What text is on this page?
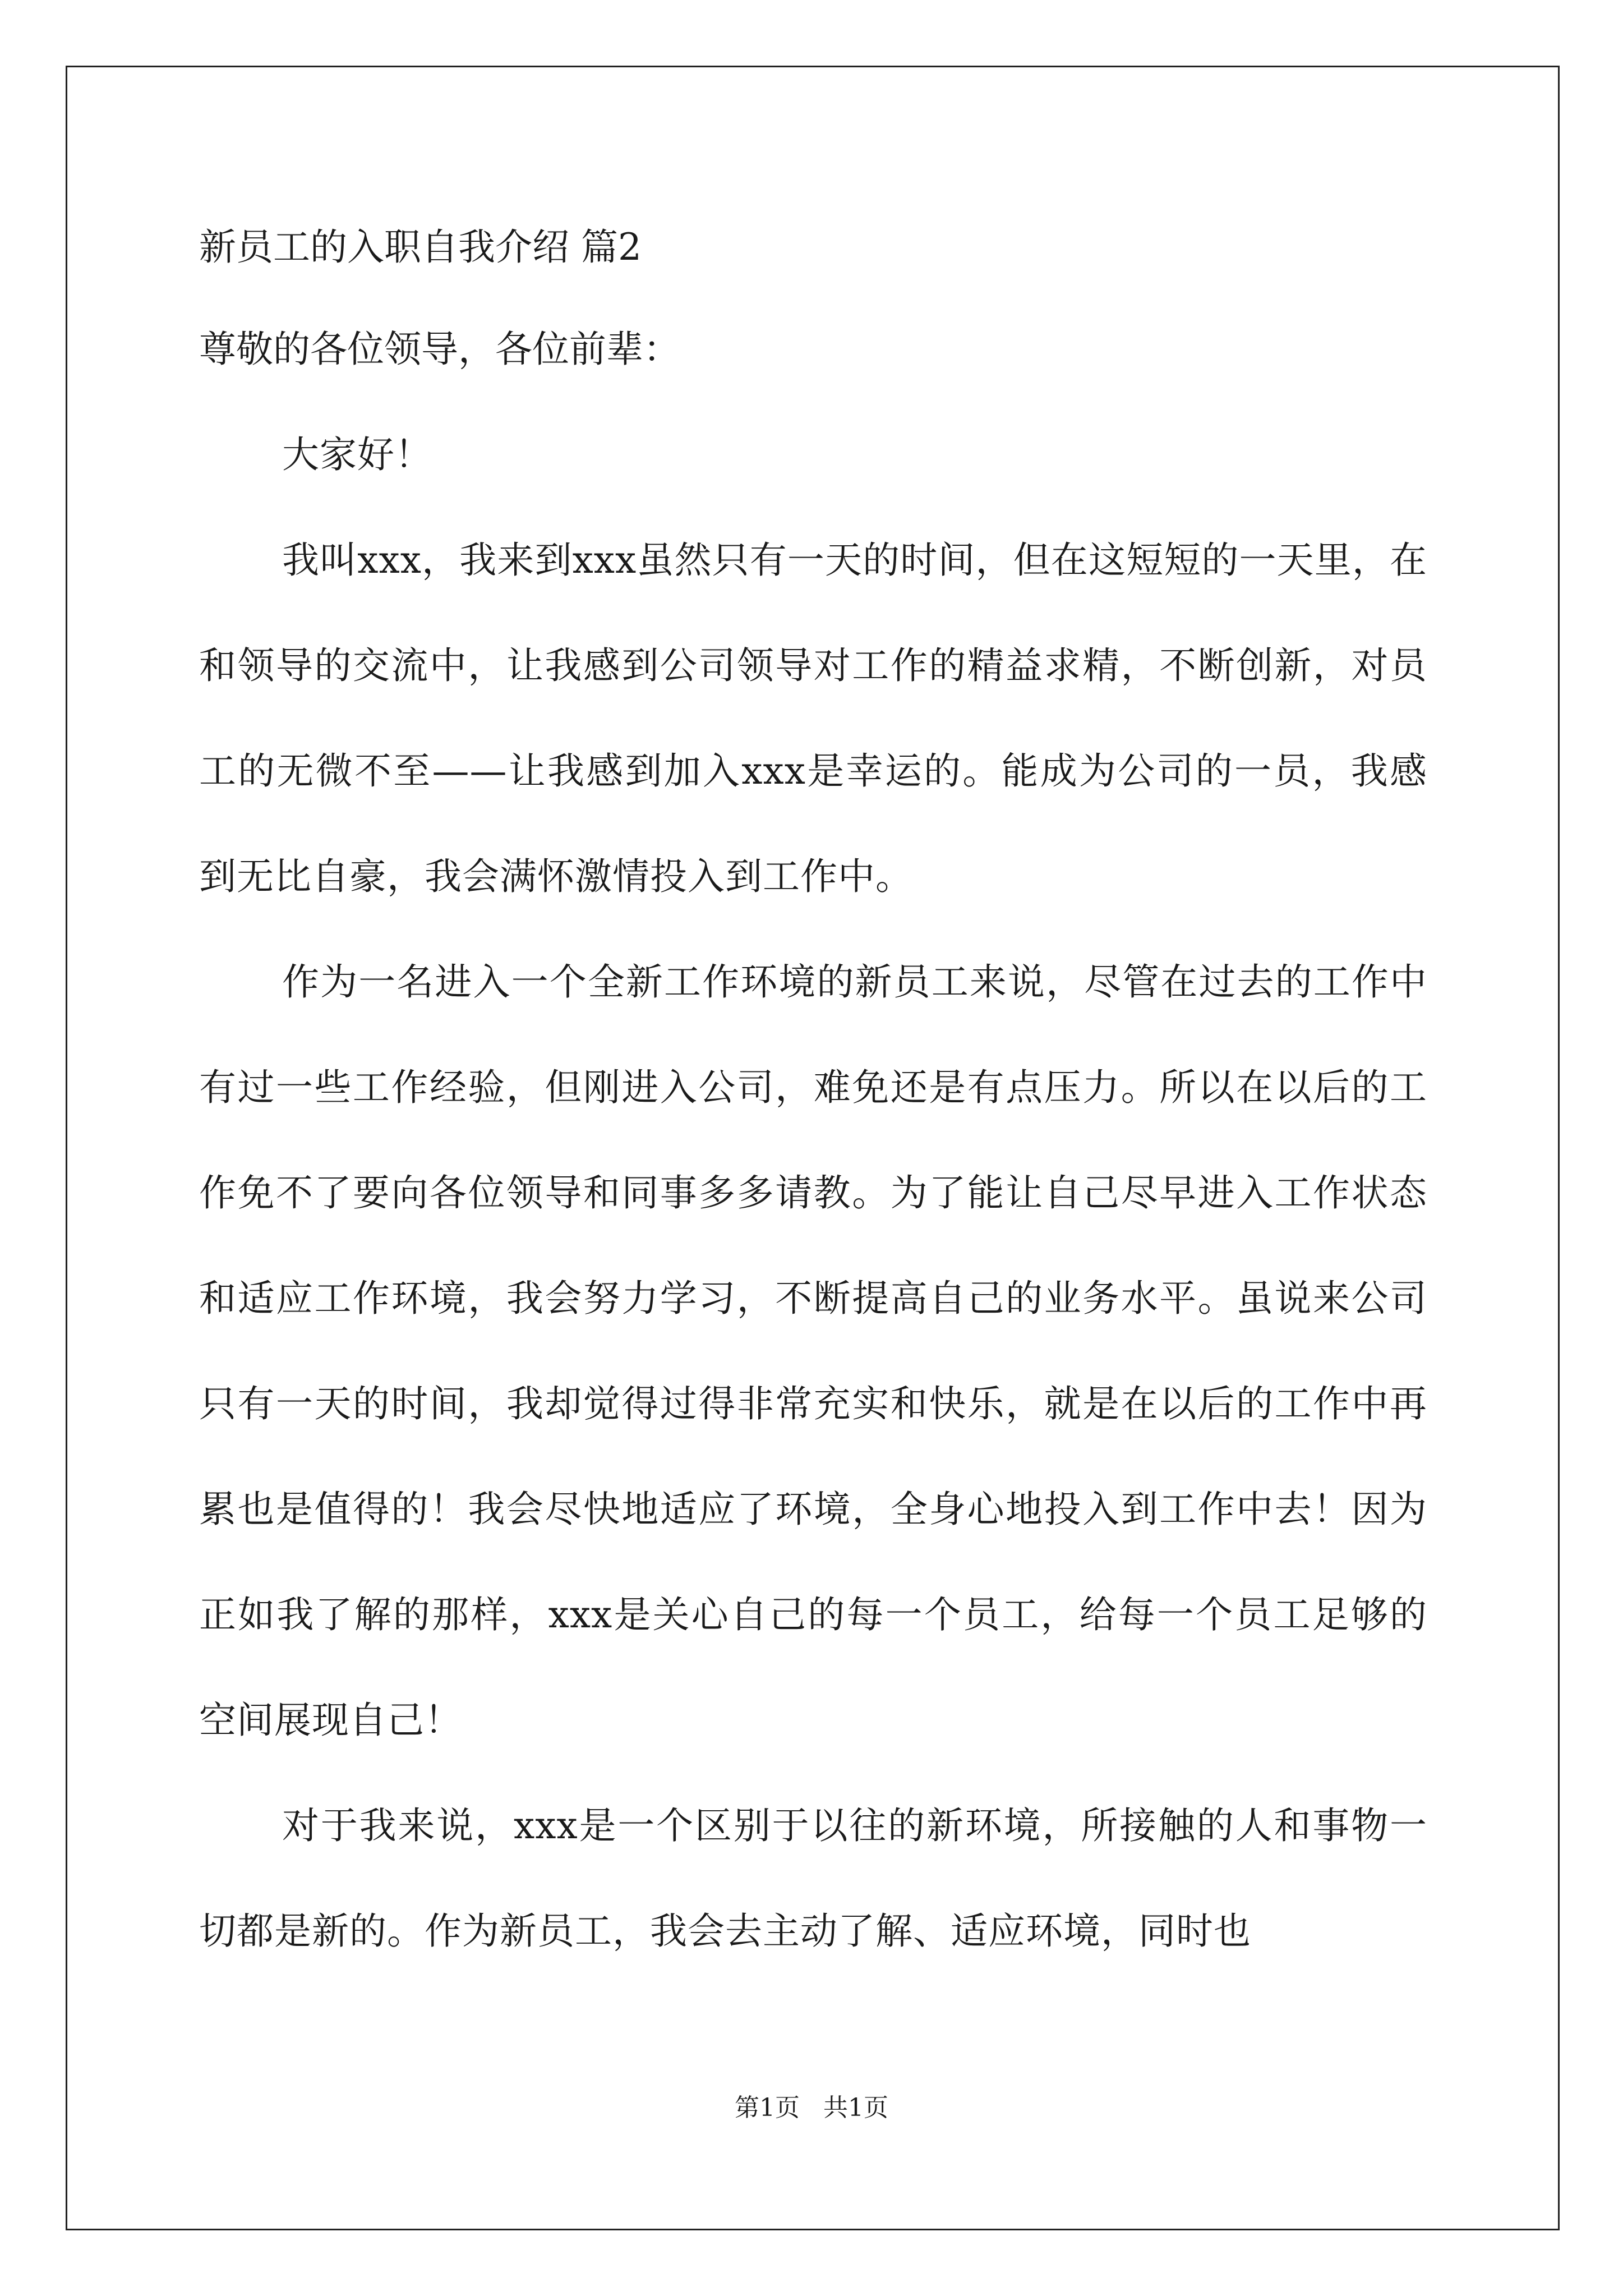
新员工的入职自我介绍 篇2
尊敬的各位领导，各位前辈：

大家好！

我叫xxx，我来到xxx虽然只有一天的时间，但在这短短的一天里，在和领导的交流中，让我感到公司领导对工作的精益求精，不断创新，对员工的无微不至——让我感到加入xxx是幸运的。能成为公司的一员，我感到无比自豪，我会满怀激情投入到工作中。

作为一名进入一个全新工作环境的新员工来说，尽管在过去的工作中有过一些工作经验，但刚进入公司，难免还是有点压力。所以在以后的工作免不了要向各位领导和同事多多请教。为了能让自己尽早进入工作状态和适应工作环境，我会努力学习，不断提高自己的业务水平。虽说来公司只有一天的时间，我却觉得过得非常充实和快乐，就是在以后的工作中再累也是值得的！我会尽快地适应了环境，全身心地投入到工作中去！因为正如我了解的那样，xxx是关心自己的每一个员工，给每一个员工足够的空间展现自己！

对于我来说，xxx是一个区别于以往的新环境，所接触的人和事物一切都是新的。作为新员工，我会去主动了解、适应环境，同时也

第1页   共1页
